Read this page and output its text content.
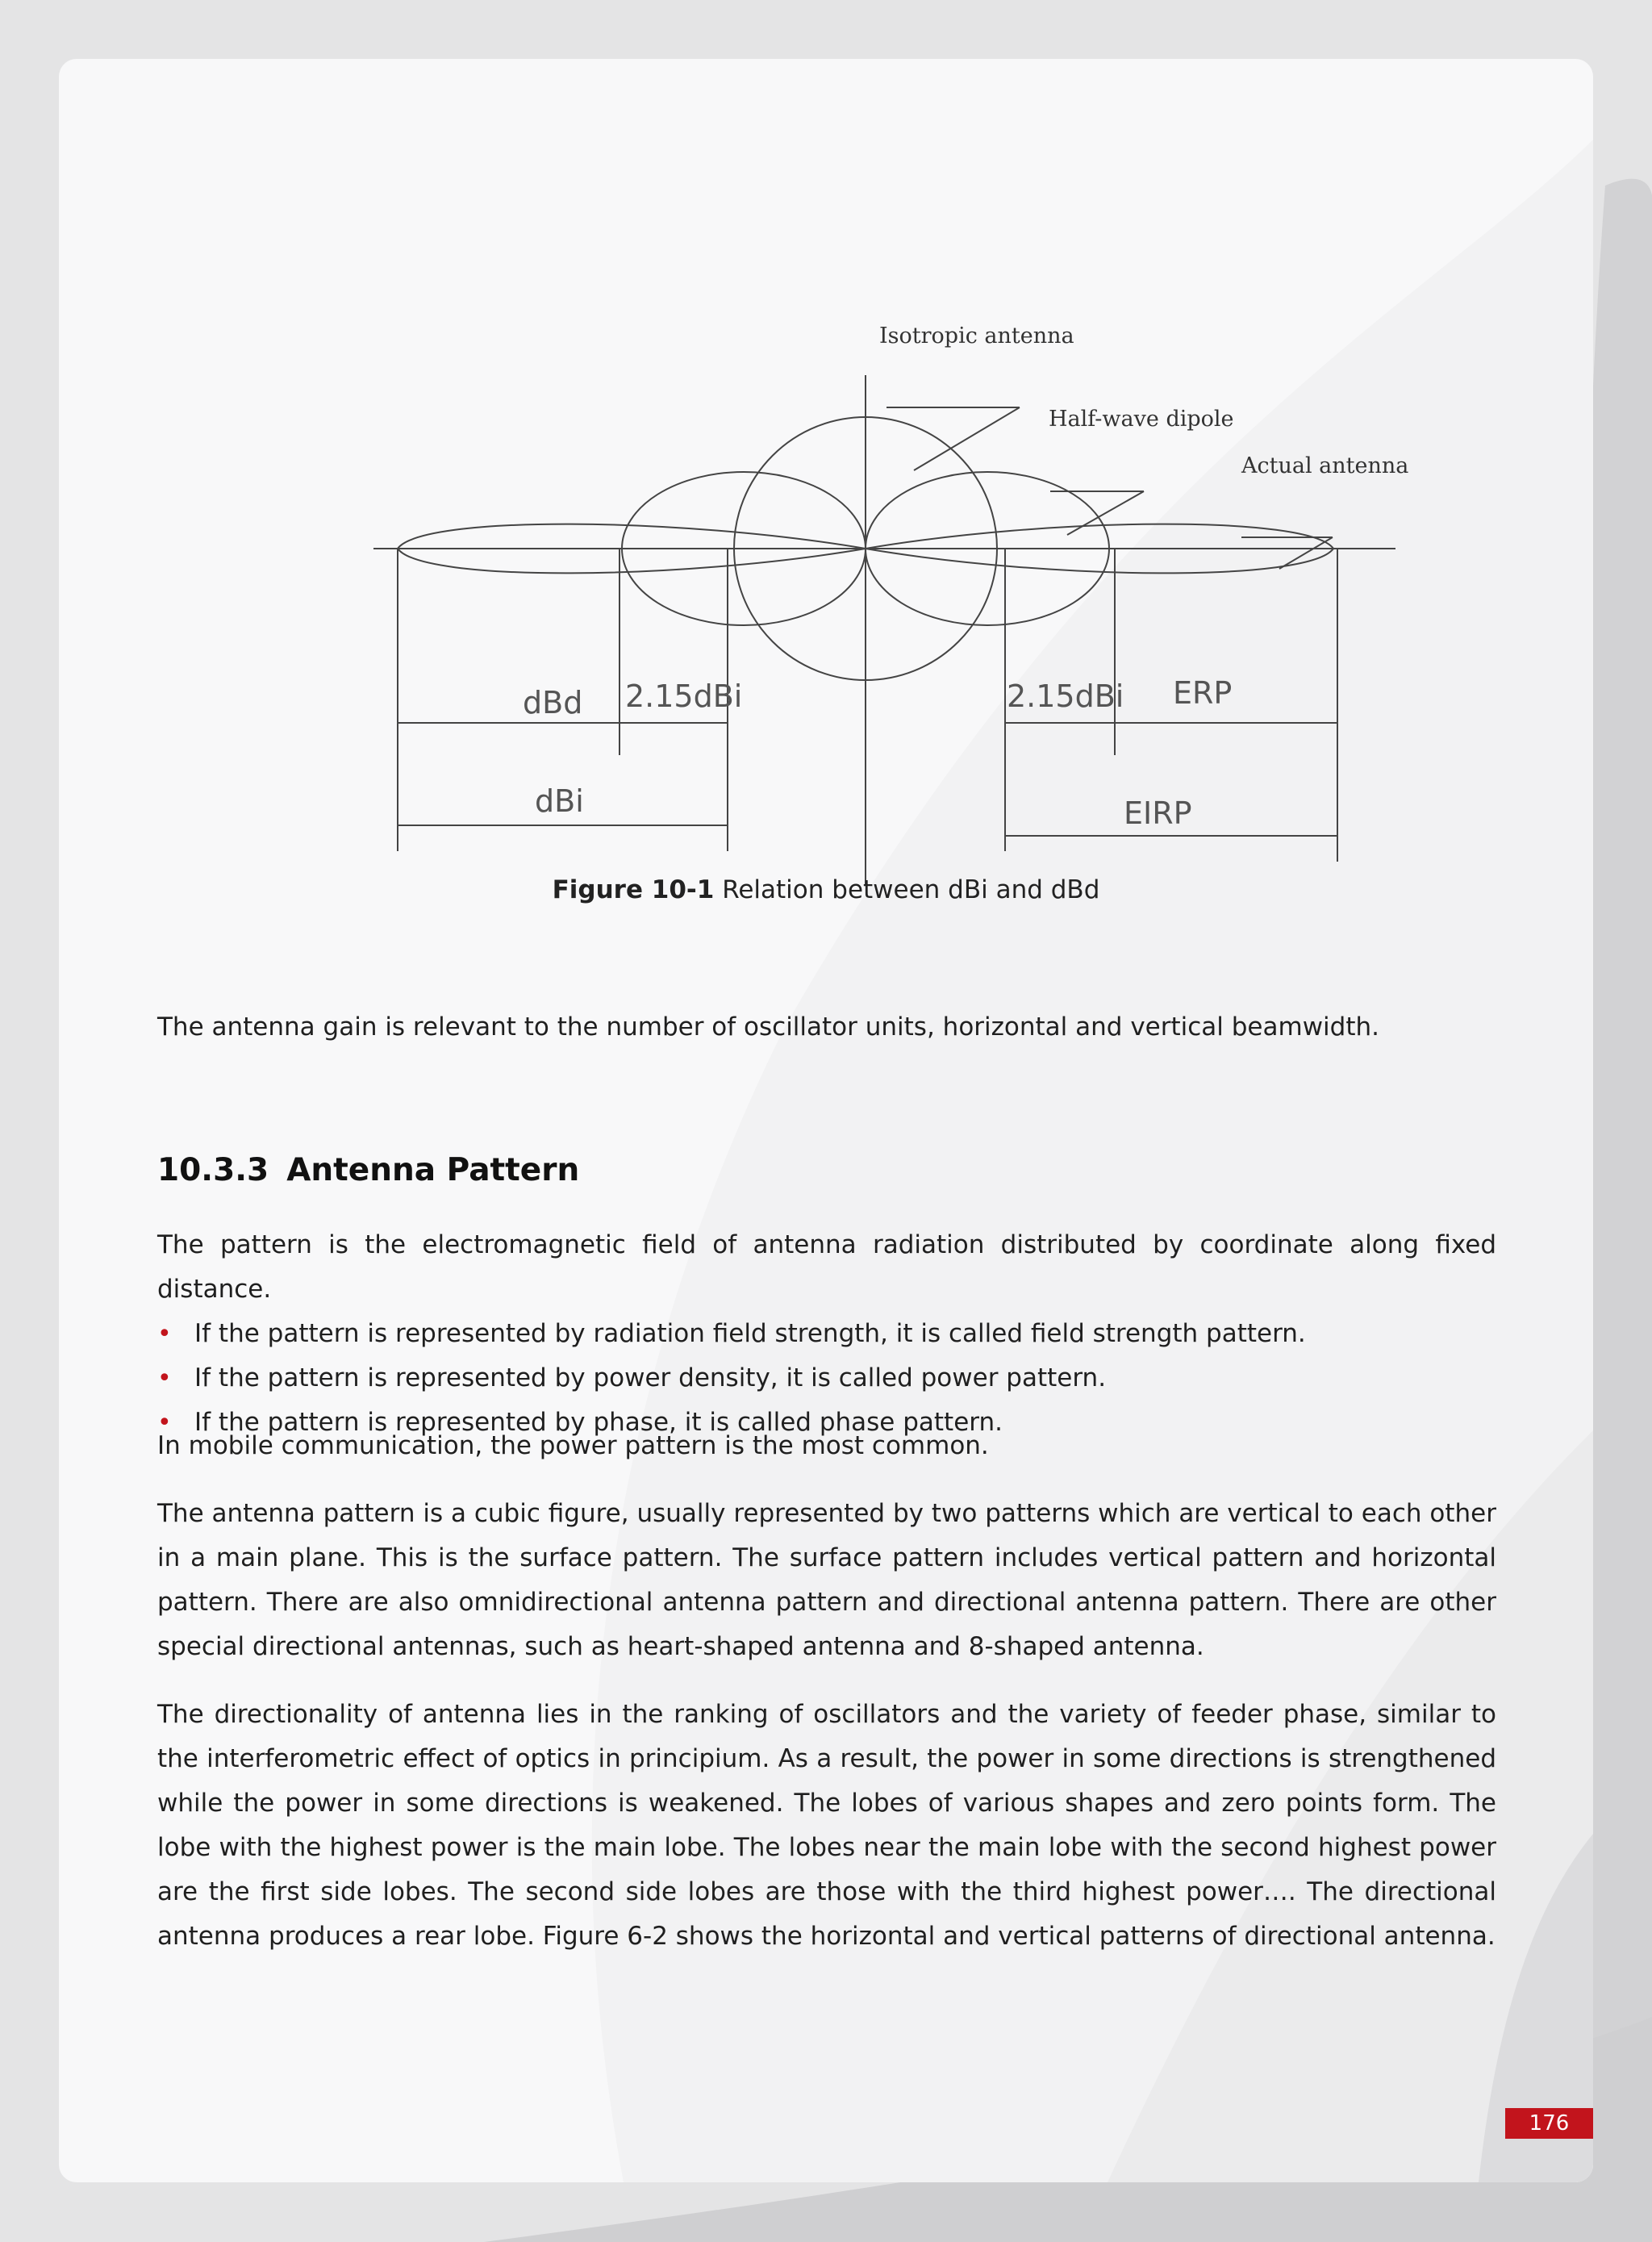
Isotropic antenna
Half-wave dipole
Actual antenna
dBd 2.15dBi	2.15dBi ERP
dBi	EIRP
Figure 10-1 Relation between dBi and dBd

The antenna gain is relevant to the number of oscillator units, horizontal and vertical beamwidth.

10.3.3 Antenna Pattern

The pattern is the electromagnetic field of antenna radiation distributed by coordinate along fixed distance.

• If the pattern is represented by radiation field strength, it is called field strength pattern.
• If the pattern is represented by power density, it is called power pattern.
• If the pattern is represented by phase, it is called phase pattern.

In mobile communication, the power pattern is the most common.

The antenna pattern is a cubic figure, usually represented by two patterns which are vertical to each other in a main plane. This is the surface pattern. The surface pattern includes vertical pattern and horizontal pattern. There are also omnidirectional antenna pattern and directional antenna pattern. There are other special directional antennas, such as heart-shaped antenna and 8-shaped antenna.

The directionality of antenna lies in the ranking of oscillators and the variety of feeder phase, similar to the interferometric effect of optics in principium. As a result, the power in some directions is strengthened while the power in some directions is weakened. The lobes of various shapes and zero points form. The lobe with the highest power is the main lobe. The lobes near the main lobe with the second highest power are the first side lobes. The second side lobes are those with the third highest power…. The directional antenna produces a rear lobe. Figure 6-2 shows the horizontal and vertical patterns of directional antenna.

176
